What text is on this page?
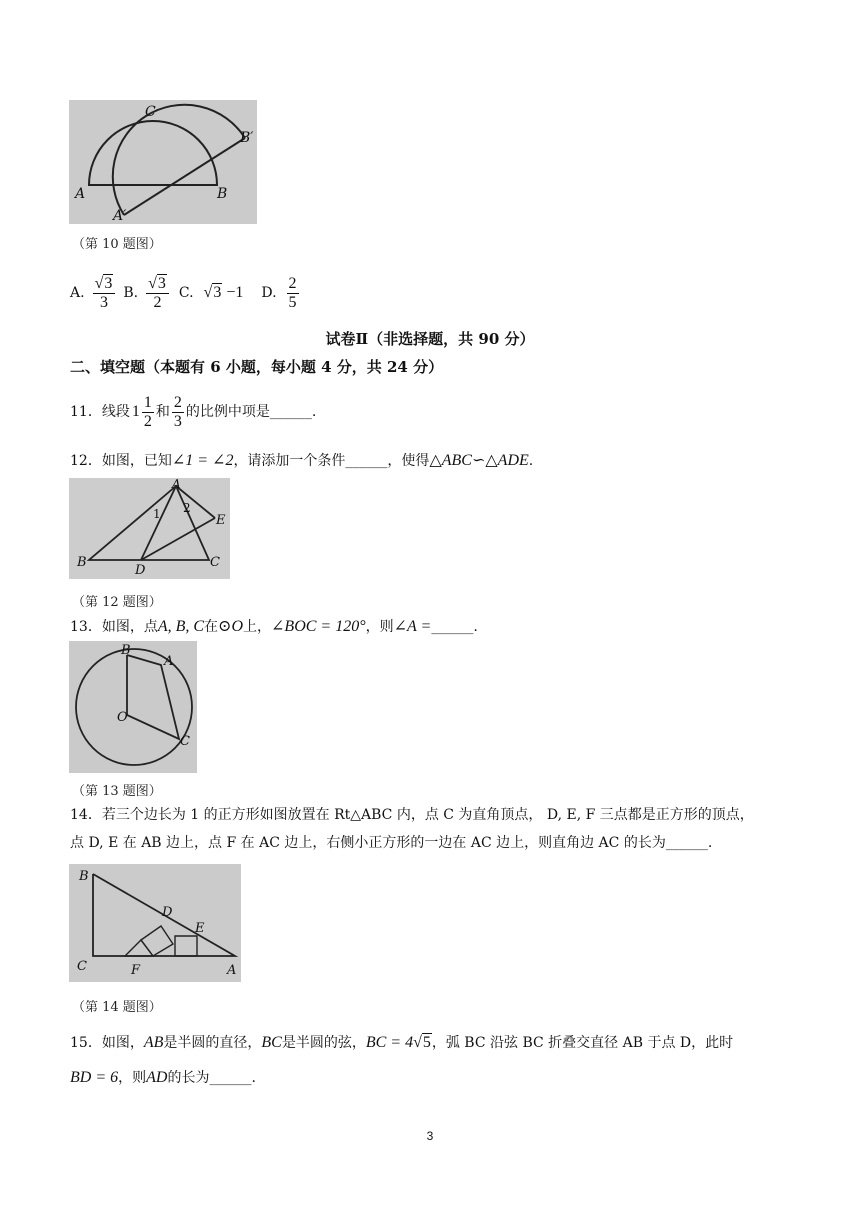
A	B
C
B′
A′
（第 10 题图）
A. $\frac{√3}{3} B$. $\frac{√3}{2} C$. √3 −1 D. $\frac{2}{5}$
试卷Ⅱ（非选择题，共 90 分）
二、填空题（本题有 6 小题，每小题 4 分，共 24 分）
11．线段 $1 \frac{1}{2}$ 和 $\frac{2}{3}$ 的比例中项是______.
12．如图，已知∠1 = ∠2，请添加一个条件______，使得△ABC∽△ADE.
A
B	C
D
E
1 2
（第 12 题图）
13．如图，点A, B, C在⊙O上，∠BOC = 120°，则∠A =______.
B
A
O
C
（第 13 题图）
14．若三个边长为 1 的正方形如图放置在 Rt△ABC 内，点 C 为直角顶点， D, E, F 三点都是正方形的顶点，
点 D, E 在 AB 边上，点 F 在 AC 边上，右侧小正方形的一边在 AC 边上，则直角边 AC 的长为______.
B
C	F	A
D
E
（第 14 题图）
15．如图，AB是半圆的直径，BC是半圆的弦，BC = 4√5，弧 BC 沿弦 BC 折叠交直径 AB 于点 D，此时
BD = 6，则AD的长为______.
3
